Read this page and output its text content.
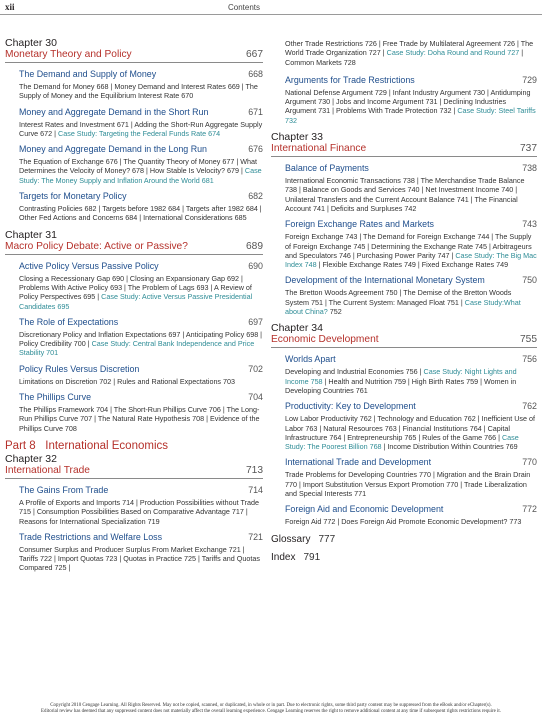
xii	Contents
Chapter 30
Monetary Theory and Policy	667
The Demand and Supply of Money	668
The Demand for Money 668 | Money Demand and Interest Rates 669 | The Supply of Money and the Equilibrium Interest Rate 670
Money and Aggregate Demand in the Short Run	671
Interest Rates and Investment 671 | Adding the Short-Run Aggregate Supply Curve 672 | Case Study: Targeting the Federal Funds Rate 674
Money and Aggregate Demand in the Long Run	676
The Equation of Exchange 676 | The Quantity Theory of Money 677 | What Determines the Velocity of Money? 678 | How Stable Is Velocity? 679 | Case Study: The Money Supply and Inflation Around the World 681
Targets for Monetary Policy	682
Contrasting Policies 682 | Targets before 1982 684 | Targets after 1982 684 | Other Fed Actions and Concerns 684 | International Considerations 685
Chapter 31
Macro Policy Debate: Active or Passive?	689
Active Policy Versus Passive Policy	690
Closing a Recessionary Gap 690 | Closing an Expansionary Gap 692 | Problems With Active Policy 693 | The Problem of Lags 693 | A Review of Policy Perspectives 695 | Case Study: Active Versus Passive Presidential Candidates 695
The Role of Expectations	697
Discretionary Policy and Inflation Expectations 697 | Anticipating Policy 698 | Policy Credibility 700 | Case Study: Central Bank Independence and Price Stability 701
Policy Rules Versus Discretion	702
Limitations on Discretion 702 | Rules and Rational Expectations 703
The Phillips Curve	704
The Phillips Framework 704 | The Short-Run Phillips Curve 706 | The Long-Run Phillips Curve 707 | The Natural Rate Hypothesis 708 | Evidence of the Phillips Curve 708
Part 8   International Economics
Chapter 32
International Trade	713
The Gains From Trade	714
A Profile of Exports and Imports 714 | Production Possibilities without Trade 715 | Consumption Possibilities Based on Comparative Advantage 717 | Reasons for International Specialization 719
Trade Restrictions and Welfare Loss	721
Consumer Surplus and Producer Surplus From Market Exchange 721 | Tariffs 722 | Import Quotas 723 | Quotas in Practice 725 | Tariffs and Quotas Compared 725 |
Other Trade Restrictions 726 | Free Trade by Multilateral Agreement 726 | The World Trade Organization 727 | Case Study: Doha Round and Round 727 | Common Markets 728
Arguments for Trade Restrictions	729
National Defense Argument 729 | Infant Industry Argument 730 | Antidumping Argument 730 | Jobs and Income Argument 731 | Declining Industries Argument 731 | Problems With Trade Protection 732 | Case Study: Steel Tariffs 732
Chapter 33
International Finance	737
Balance of Payments	738
International Economic Transactions 738 | The Merchandise Trade Balance 738 | Balance on Goods and Services 740 | Net Investment Income 740 | Unilateral Transfers and the Current Account Balance 741 | The Financial Account 741 | Deficits and Surpluses 742
Foreign Exchange Rates and Markets	743
Foreign Exchange 743 | The Demand for Foreign Exchange 744 | The Supply of Foreign Exchange 745 | Determining the Exchange Rate 745 | Arbitrageurs and Speculators 746 | Purchasing Power Parity 747 | Case Study: The Big Mac Index 748 | Flexible Exchange Rates 749 | Fixed Exchange Rates 749
Development of the International Monetary System	750
The Bretton Woods Agreement 750 | The Demise of the Bretton Woods System 751 | The Current System: Managed Float 751 | Case Study:What about China? 752
Chapter 34
Economic Development	755
Worlds Apart	756
Developing and Industrial Economies 756 | Case Study: Night Lights and Income 758 | Health and Nutrition 759 | High Birth Rates 759 | Women in Developing Countries 761
Productivity: Key to Development	762
Low Labor Productivity 762 | Technology and Education 762 | Inefficient Use of Labor 763 | Natural Resources 763 | Financial Institutions 764 | Capital Infrastructure 764 | Entrepreneurship 765 | Rules of the Game 766 | Case Study: The Poorest Billion 768 | Income Distribution Within Countries 769
International Trade and Development	770
Trade Problems for Developing Countries 770 | Migration and the Brain Drain 770 | Import Substitution Versus Export Promotion 770 | Trade Liberalization and Special Interests 771
Foreign Aid and Economic Development	772
Foreign Aid 772 | Does Foreign Aid Promote Economic Development? 773
Glossary 777
Index 791
Copyright 2010 Cengage Learning. All Rights Reserved. May not be copied, scanned, or duplicated, in whole or in part. Due to electronic rights, some third party content may be suppressed from the eBook and/or eChapter(s).
Editorial review has deemed that any suppressed content does not materially affect the overall learning experience. Cengage Learning reserves the right to remove additional content at any time if subsequent rights restrictions require it.
